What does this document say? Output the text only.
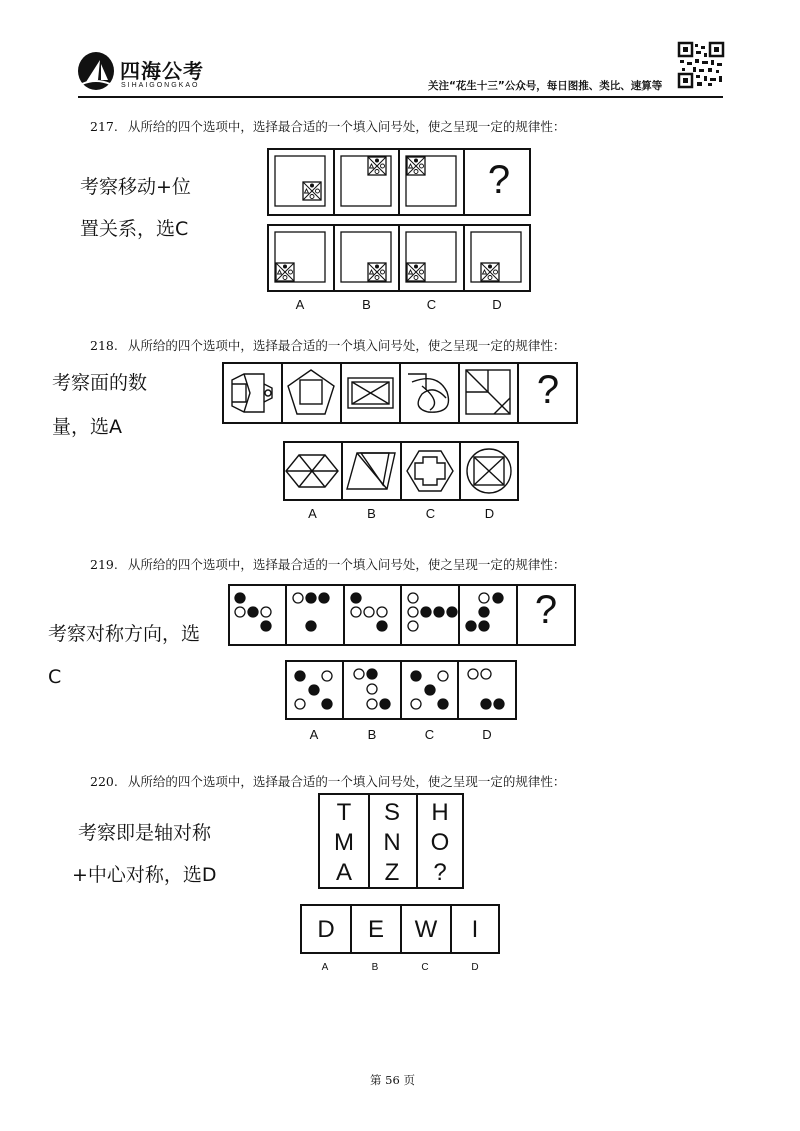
四海公考
SIHAIGONGKAO	关注“花生十三”公众号，每日图推、类比、速算等
217. 从所给的四个选项中，选择最合适的一个填入问号处，使之呈现一定的规律性：
考察移动+位
置关系，选C
?
A	B	C	D
218. 从所给的四个选项中，选择最合适的一个填入问号处，使之呈现一定的规律性：
考察面的数
量，选A
?
A	B	C	D
219. 从所给的四个选项中，选择最合适的一个填入问号处，使之呈现一定的规律性：
考察对称方向，选
C
?
A	B	C	D
220. 从所给的四个选项中，选择最合适的一个填入问号处，使之呈现一定的规律性：
考察即是轴对称
+中心对称，选D
T	S	H
M	N	O
A	Z	?
D	E	W	I
A	B	C	D
第 56 页
